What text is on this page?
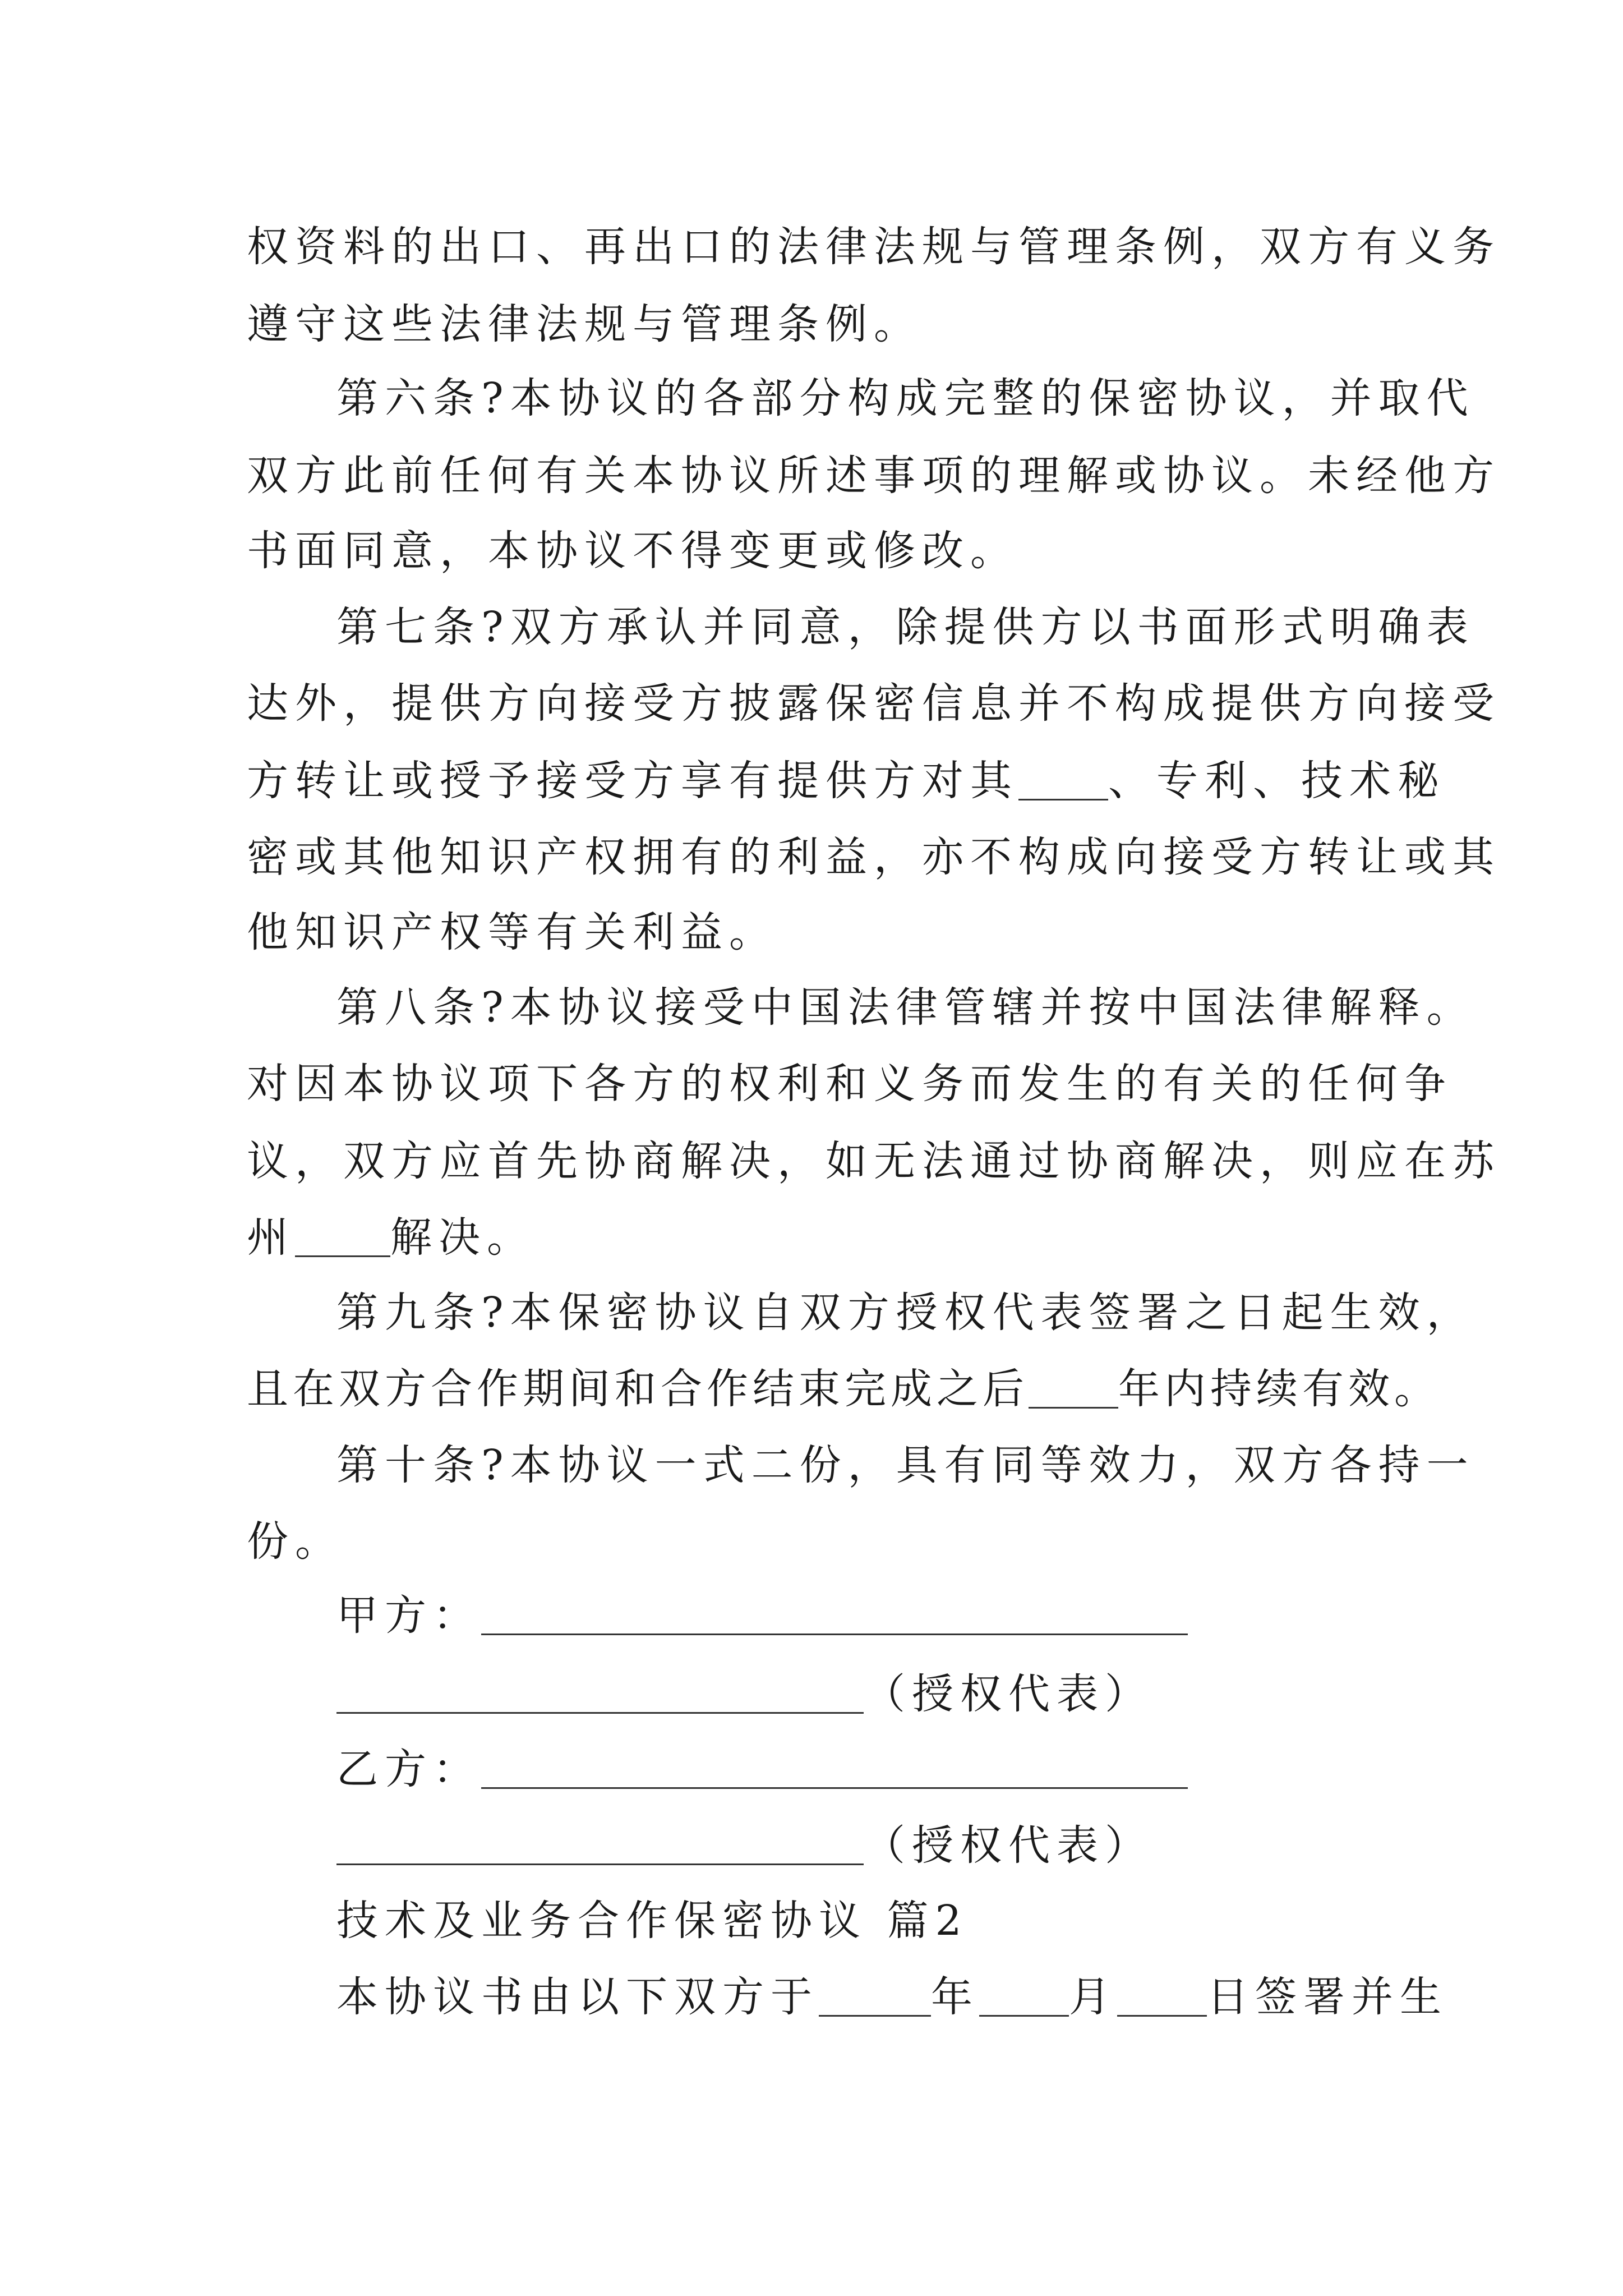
权资料的出口、再出口的法律法规与管理条例，双方有义务
遵守这些法律法规与管理条例。
第六条?本协议的各部分构成完整的保密协议，并取代
双方此前任何有关本协议所述事项的理解或协议。未经他方
书面同意，本协议不得变更或修改。
第七条?双方承认并同意，除提供方以书面形式明确表
达外，提供方向接受方披露保密信息并不构成提供方向接受
方转让或授予接受方享有提供方对其 、专利、技术秘
密或其他知识产权拥有的利益，亦不构成向接受方转让或其
他知识产权等有关利益。
第八条?本协议接受中国法律管辖并按中国法律解释。
对因本协议项下各方的权利和义务而发生的有关的任何争
议，双方应首先协商解决，如无法通过协商解决，则应在苏
州 解决。
第九条?本保密协议自双方授权代表签署之日起生效，
且在双方合作期间和合作结束完成之后 年内持续有效。
第十条?本协议一式二份，具有同等效力，双方各持一
份。
甲方：
（授权代表）
乙方：
（授权代表）
技术及业务合作保密协议 篇2
本协议书由以下双方于	年 月 日签署并生
